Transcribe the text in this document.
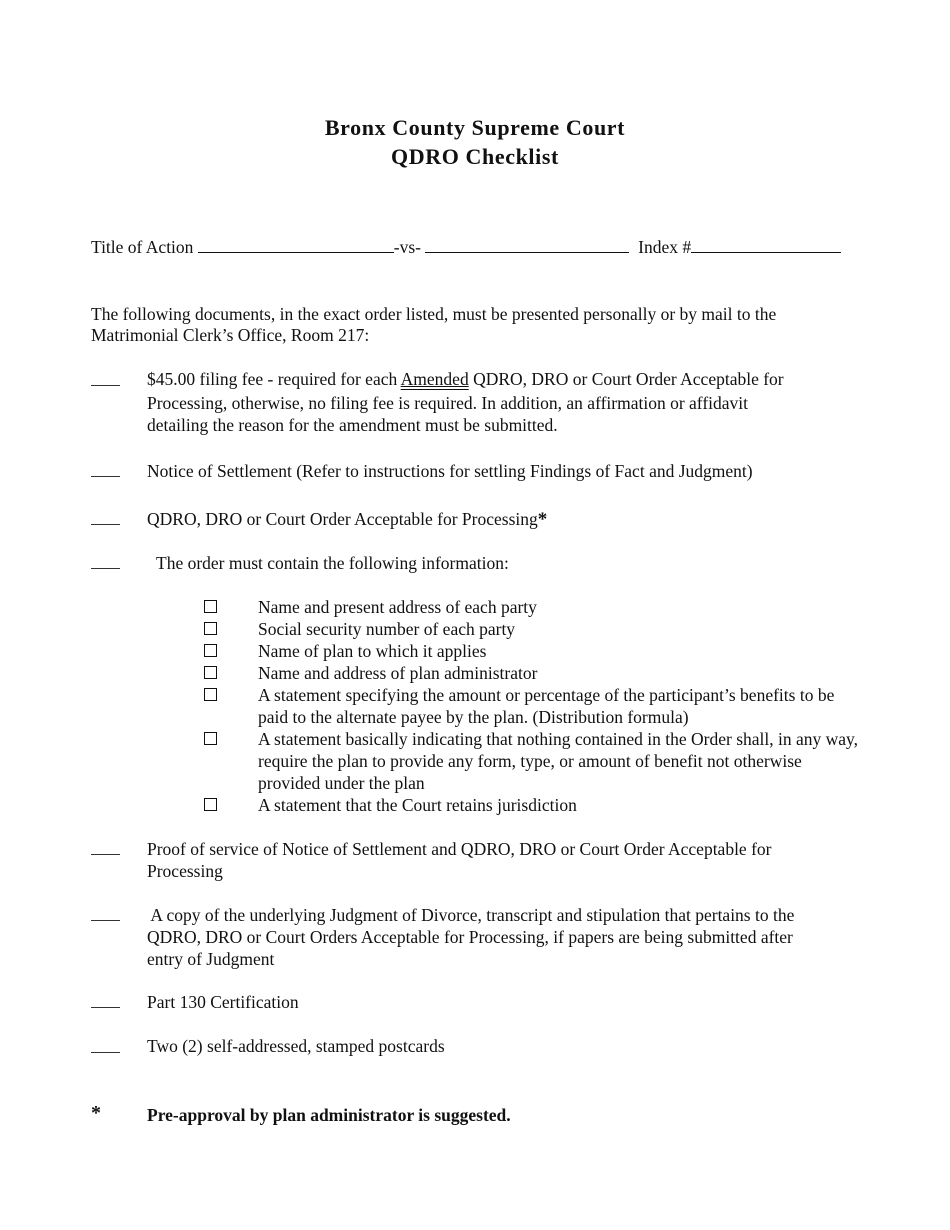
Bronx County Supreme Court
QDRO Checklist
Title of Action	-vs-	Index #
The following documents, in the exact order listed, must be presented personally or by mail to the
Matrimonial Clerk’s Office, Room 217:
$45.00 filing fee - required for each Amended QDRO, DRO or Court Order Acceptable for
Processing, otherwise, no filing fee is required. In addition, an affirmation or affidavit
detailing the reason for the amendment must be submitted.
Notice of Settlement (Refer to instructions for settling Findings of Fact and Judgment)
QDRO, DRO or Court Order Acceptable for Processing*
The order must contain the following information:
Name and present address of each party
Social security number of each party
Name of plan to which it applies
Name and address of plan administrator
A statement specifying the amount or percentage of the participant’s benefits to be paid to the alternate payee by the plan. (Distribution formula)
A statement basically indicating that nothing contained in the Order shall, in any way, require the plan to provide any form, type, or amount of benefit not otherwise provided under the plan
A statement that the Court retains jurisdiction
Proof of service of Notice of Settlement and QDRO, DRO or Court Order Acceptable for
Processing
A copy of the underlying Judgment of Divorce, transcript and stipulation that pertains to the
QDRO, DRO or Court Orders Acceptable for Processing, if papers are being submitted after
entry of Judgment
Part 130 Certification
Two (2) self-addressed, stamped postcards
*	Pre-approval by plan administrator is suggested.
